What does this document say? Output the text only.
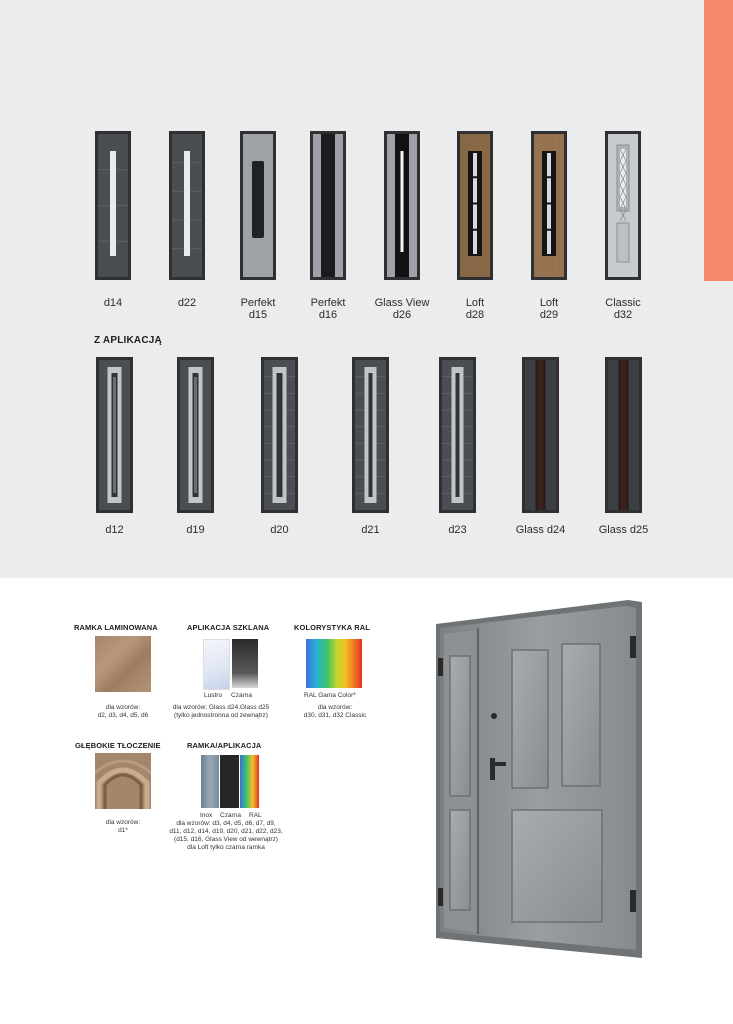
d14	d22	Perfekt
d15
Perfekt
d16
Glass View
d26
Loft
d28
Loft
d29
Classic
d32
Z APLIKACJĄ
d12	d19	d20	d21	d23	Glass d24	Glass d25
RAMKA LAMINOWANA
dla wzorów:
d2, d3, d4, d5, d6
APLIKACJA SZKLANA
Lustro Czarna
dla wzorów; Glass d24,Glass d25
(tylko jednostronna od zewnątrz)
KOLORYSTYKA RAL
RAL Gama Color*
dla wzorów:
d30, d31, d32 Classic
GŁĘBOKIE TŁOCZENIE
dla wzorów:
d1*
RAMKA/APLIKACJA
Inox Czarna RAL
dla wzorów: d3, d4, d5, d6, d7, d9,
d11, d12, d14, d19, d20, d21, d22, d23,
(d15, d16, Glass View od wewnątrz)
dla Loft tylko czarna ramka
